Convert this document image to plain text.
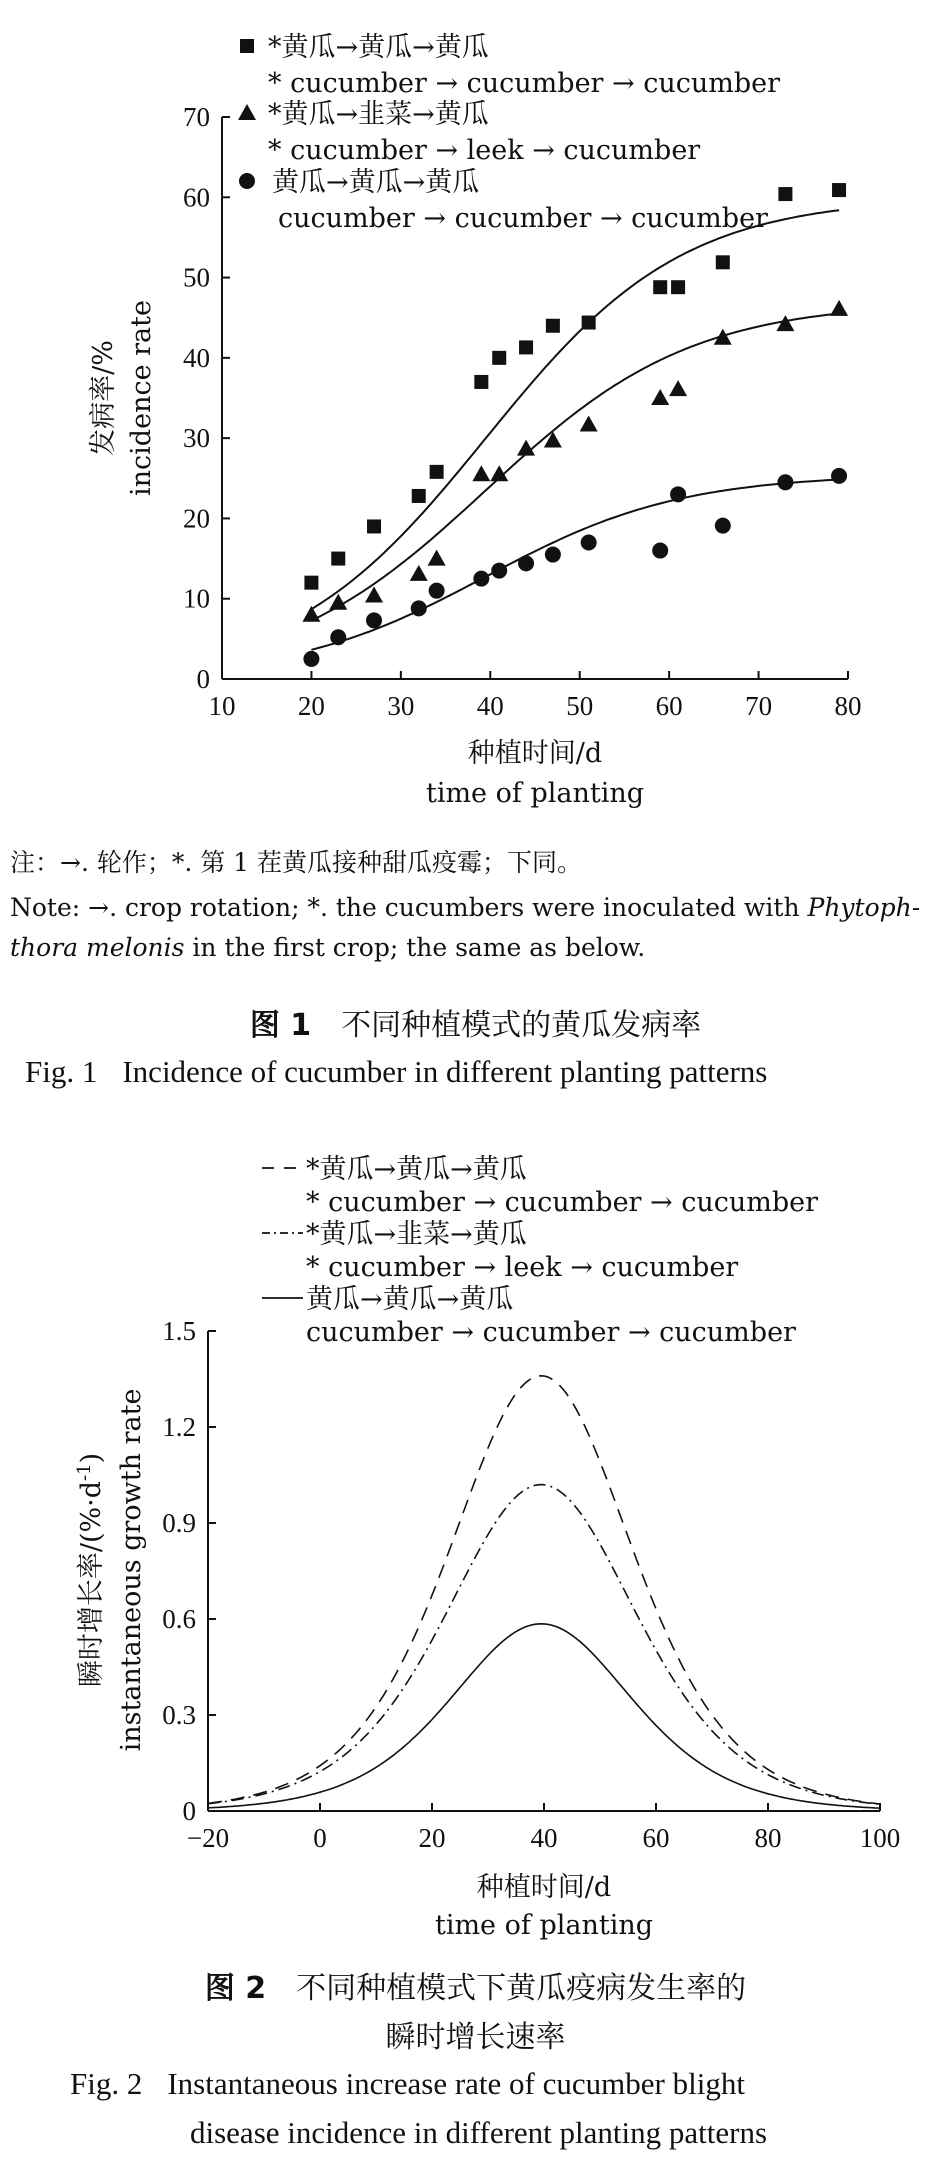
*黄瓜→黄瓜→黄瓜
* cucumber → cucumber → cucumber
*黄瓜→韭菜→黄瓜
* cucumber → leek → cucumber
黄瓜→黄瓜→黄瓜
cucumber → cucumber → cucumber
10 20 30 40 50 60 70 80
0
10
20
30
40
50
60
70
种植时间/d
time of planting
发病率/% incidence rate
*黄瓜→黄瓜→黄瓜
* cucumber → cucumber → cucumber
*黄瓜→韭菜→黄瓜
* cucumber → leek → cucumber
黄瓜→黄瓜→黄瓜
cucumber → cucumber → cucumber
−20	0	20	40	60	80	100
0
0.3
0.6
0.9
1.2
1.5
种植时间/d
time of planting
瞬时增长率$/(\%\cdot d^{-1})$ instantaneous growth rate
注：→. 轮作；*. 第 1 茬黄瓜接种甜瓜疫霉；下同。
Note: →. crop rotation; *. the cucumbers were inoculated with Phytoph-
thora melonis in the first crop; the same as below.
图 1 不同种植模式的黄瓜发病率
Fig. 1 Incidence of cucumber in different planting patterns
图 2 不同种植模式下黄瓜疫病发生率的
瞬时增长速率
Fig. 2 Instantaneous increase rate of cucumber blight
disease incidence in different planting patterns
